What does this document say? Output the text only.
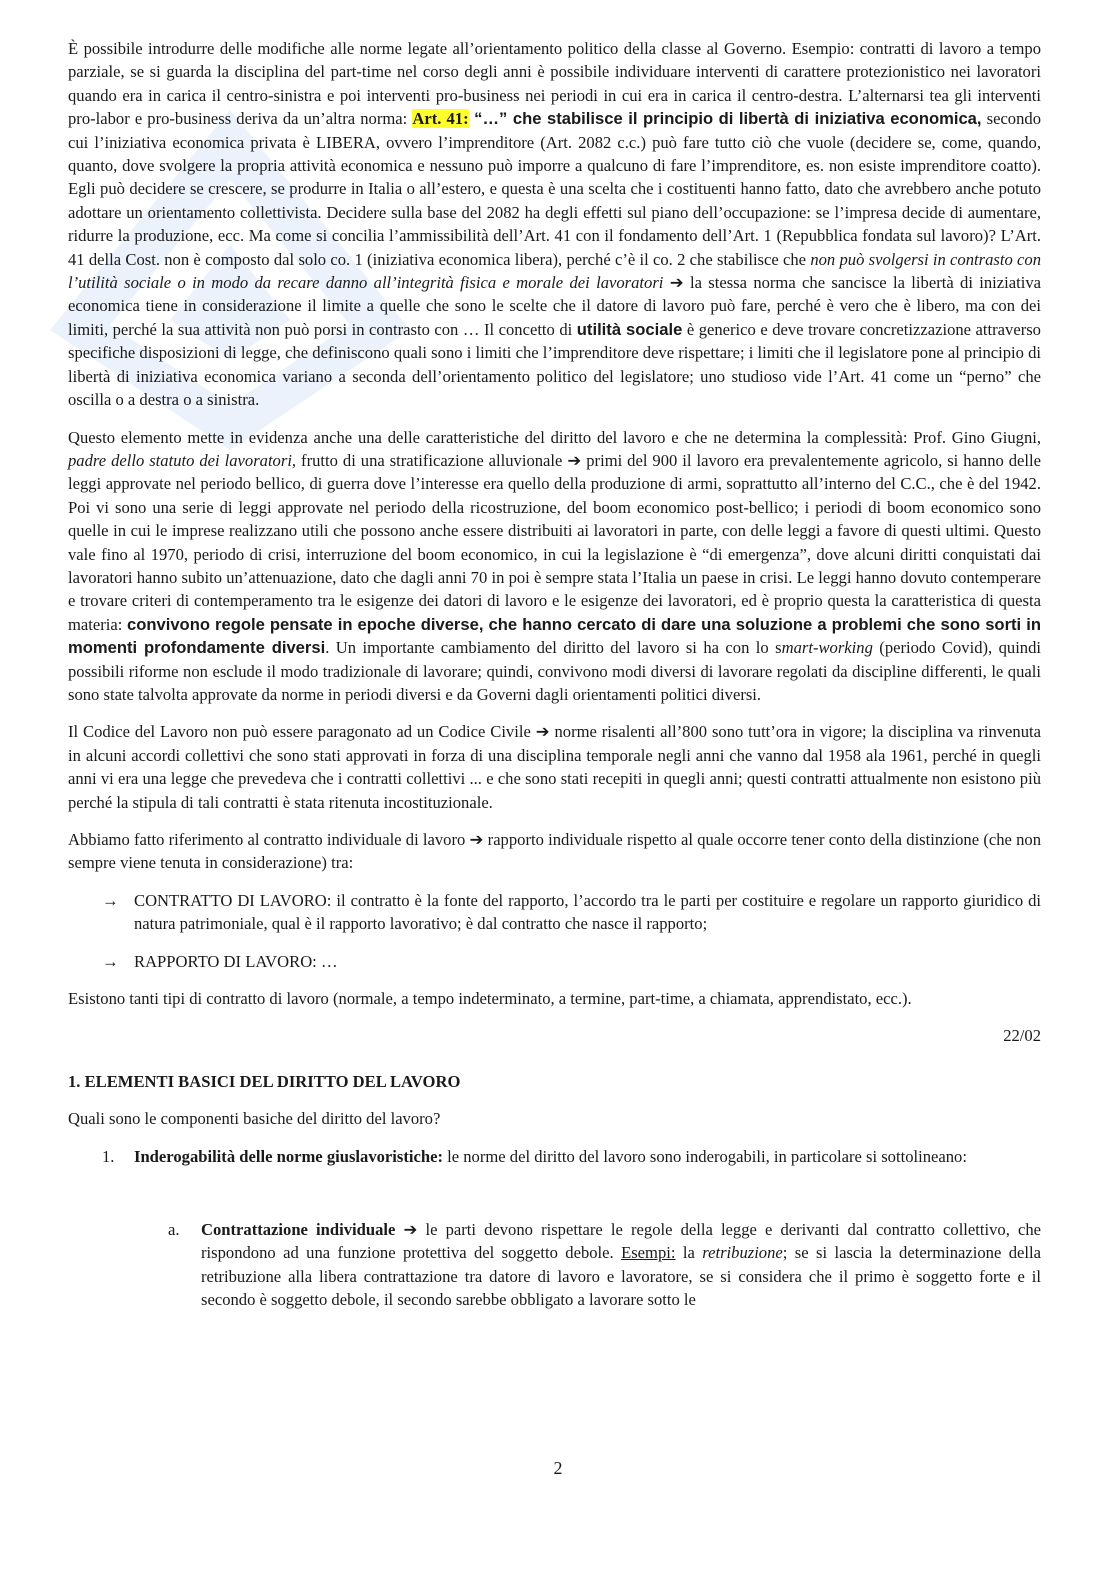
È possibile introdurre delle modifiche alle norme legate all’orientamento politico della classe al Governo. Esempio: contratti di lavoro a tempo parziale, se si guarda la disciplina del part-time nel corso degli anni è possibile individuare interventi di carattere protezionistico nei lavoratori quando era in carica il centro-sinistra e poi interventi pro-business nei periodi in cui era in carica il centro-destra. L’alternarsi tea gli interventi pro-labor e pro-business deriva da un’altra norma: Art. 41: “…” che stabilisce il principio di libertà di iniziativa economica, secondo cui l’iniziativa economica privata è LIBERA, ovvero l’imprenditore (Art. 2082 c.c.) può fare tutto ciò che vuole (decidere se, come, quando, quanto, dove svolgere la propria attività economica e nessuno può imporre a qualcuno di fare l’imprenditore, es. non esiste imprenditore coatto). Egli può decidere se crescere, se produrre in Italia o all’estero, e questa è una scelta che i costituenti hanno fatto, dato che avrebbero anche potuto adottare un orientamento collettivista. Decidere sulla base del 2082 ha degli effetti sul piano dell’occupazione: se l’impresa decide di aumentare, ridurre la produzione, ecc. Ma come si concilia l’ammissibilità dell’Art. 41 con il fondamento dell’Art. 1 (Repubblica fondata sul lavoro)? L’Art. 41 della Cost. non è composto dal solo co. 1 (iniziativa economica libera), perché c’è il co. 2 che stabilisce che non può svolgersi in contrasto con l’utilità sociale o in modo da recare danno all’integrità fisica e morale dei lavoratori ➔ la stessa norma che sancisce la libertà di iniziativa economica tiene in considerazione il limite a quelle che sono le scelte che il datore di lavoro può fare, perché è vero che è libero, ma con dei limiti, perché la sua attività non può porsi in contrasto con … Il concetto di utilità sociale è generico e deve trovare concretizzazione attraverso specifiche disposizioni di legge, che definiscono quali sono i limiti che l’imprenditore deve rispettare; i limiti che il legislatore pone al principio di libertà di iniziativa economica variano a seconda dell’orientamento politico del legislatore; uno studioso vide l’Art. 41 come un “perno” che oscilla o a destra o a sinistra.

Questo elemento mette in evidenza anche una delle caratteristiche del diritto del lavoro e che ne determina la complessità: Prof. Gino Giugni, padre dello statuto dei lavoratori, frutto di una stratificazione alluvionale ➔ primi del 900 il lavoro era prevalentemente agricolo, si hanno delle leggi approvate nel periodo bellico, di guerra dove l’interesse era quello della produzione di armi, soprattutto all’interno del C.C., che è del 1942. Poi vi sono una serie di leggi approvate nel periodo della ricostruzione, del boom economico post-bellico; i periodi di boom economico sono quelle in cui le imprese realizzano utili che possono anche essere distribuiti ai lavoratori in parte, con delle leggi a favore di questi ultimi. Questo vale fino al 1970, periodo di crisi, interruzione del boom economico, in cui la legislazione è “di emergenza”, dove alcuni diritti conquistati dai lavoratori hanno subito un’attenuazione, dato che dagli anni 70 in poi è sempre stata l’Italia un paese in crisi. Le leggi hanno dovuto contemperare e trovare criteri di contemperamento tra le esigenze dei datori di lavoro e le esigenze dei lavoratori, ed è proprio questa la caratteristica di questa materia: convivono regole pensate in epoche diverse, che hanno cercato di dare una soluzione a problemi che sono sorti in momenti profondamente diversi. Un importante cambiamento del diritto del lavoro si ha con lo smart-working (periodo Covid), quindi possibili riforme non esclude il modo tradizionale di lavorare; quindi, convivono modi diversi di lavorare regolati da discipline differenti, le quali sono state talvolta approvate da norme in periodi diversi e da Governi dagli orientamenti politici diversi.

Il Codice del Lavoro non può essere paragonato ad un Codice Civile ➔ norme risalenti all’800 sono tutt’ora in vigore; la disciplina va rinvenuta in alcuni accordi collettivi che sono stati approvati in forza di una disciplina temporale negli anni che vanno dal 1958 ala 1961, perché in quegli anni vi era una legge che prevedeva che i contratti collettivi ... e che sono stati recepiti in quegli anni; questi contratti attualmente non esistono più perché la stipula di tali contratti è stata ritenuta incostituzionale.

Abbiamo fatto riferimento al contratto individuale di lavoro ➔ rapporto individuale rispetto al quale occorre tener conto della distinzione (che non sempre viene tenuta in considerazione) tra:

→ CONTRATTO DI LAVORO: il contratto è la fonte del rapporto, l’accordo tra le parti per costituire e regolare un rapporto giuridico di natura patrimoniale, qual è il rapporto lavorativo; è dal contratto che nasce il rapporto;
→ RAPPORTO DI LAVORO: …

Esistono tanti tipi di contratto di lavoro (normale, a tempo indeterminato, a termine, part-time, a chiamata, apprendistato, ecc.).

22/02
1. ELEMENTI BASICI DEL DIRITTO DEL LAVORO

Quali sono le componenti basiche del diritto del lavoro?

1. Inderogabilità delle norme giuslavoristiche: le norme del diritto del lavoro sono inderogabili, in particolare si sottolineano:
a. Contrattazione individuale ➔ le parti devono rispettare le regole della legge e derivanti dal contratto collettivo, che rispondono ad una funzione protettiva del soggetto debole. Esempi: la retribuzione; se si lascia la determinazione della retribuzione alla libera contrattazione tra datore di lavoro e lavoratore, se si considera che il primo è soggetto forte e il secondo è soggetto debole, il secondo sarebbe obbligato a lavorare sotto le
2
